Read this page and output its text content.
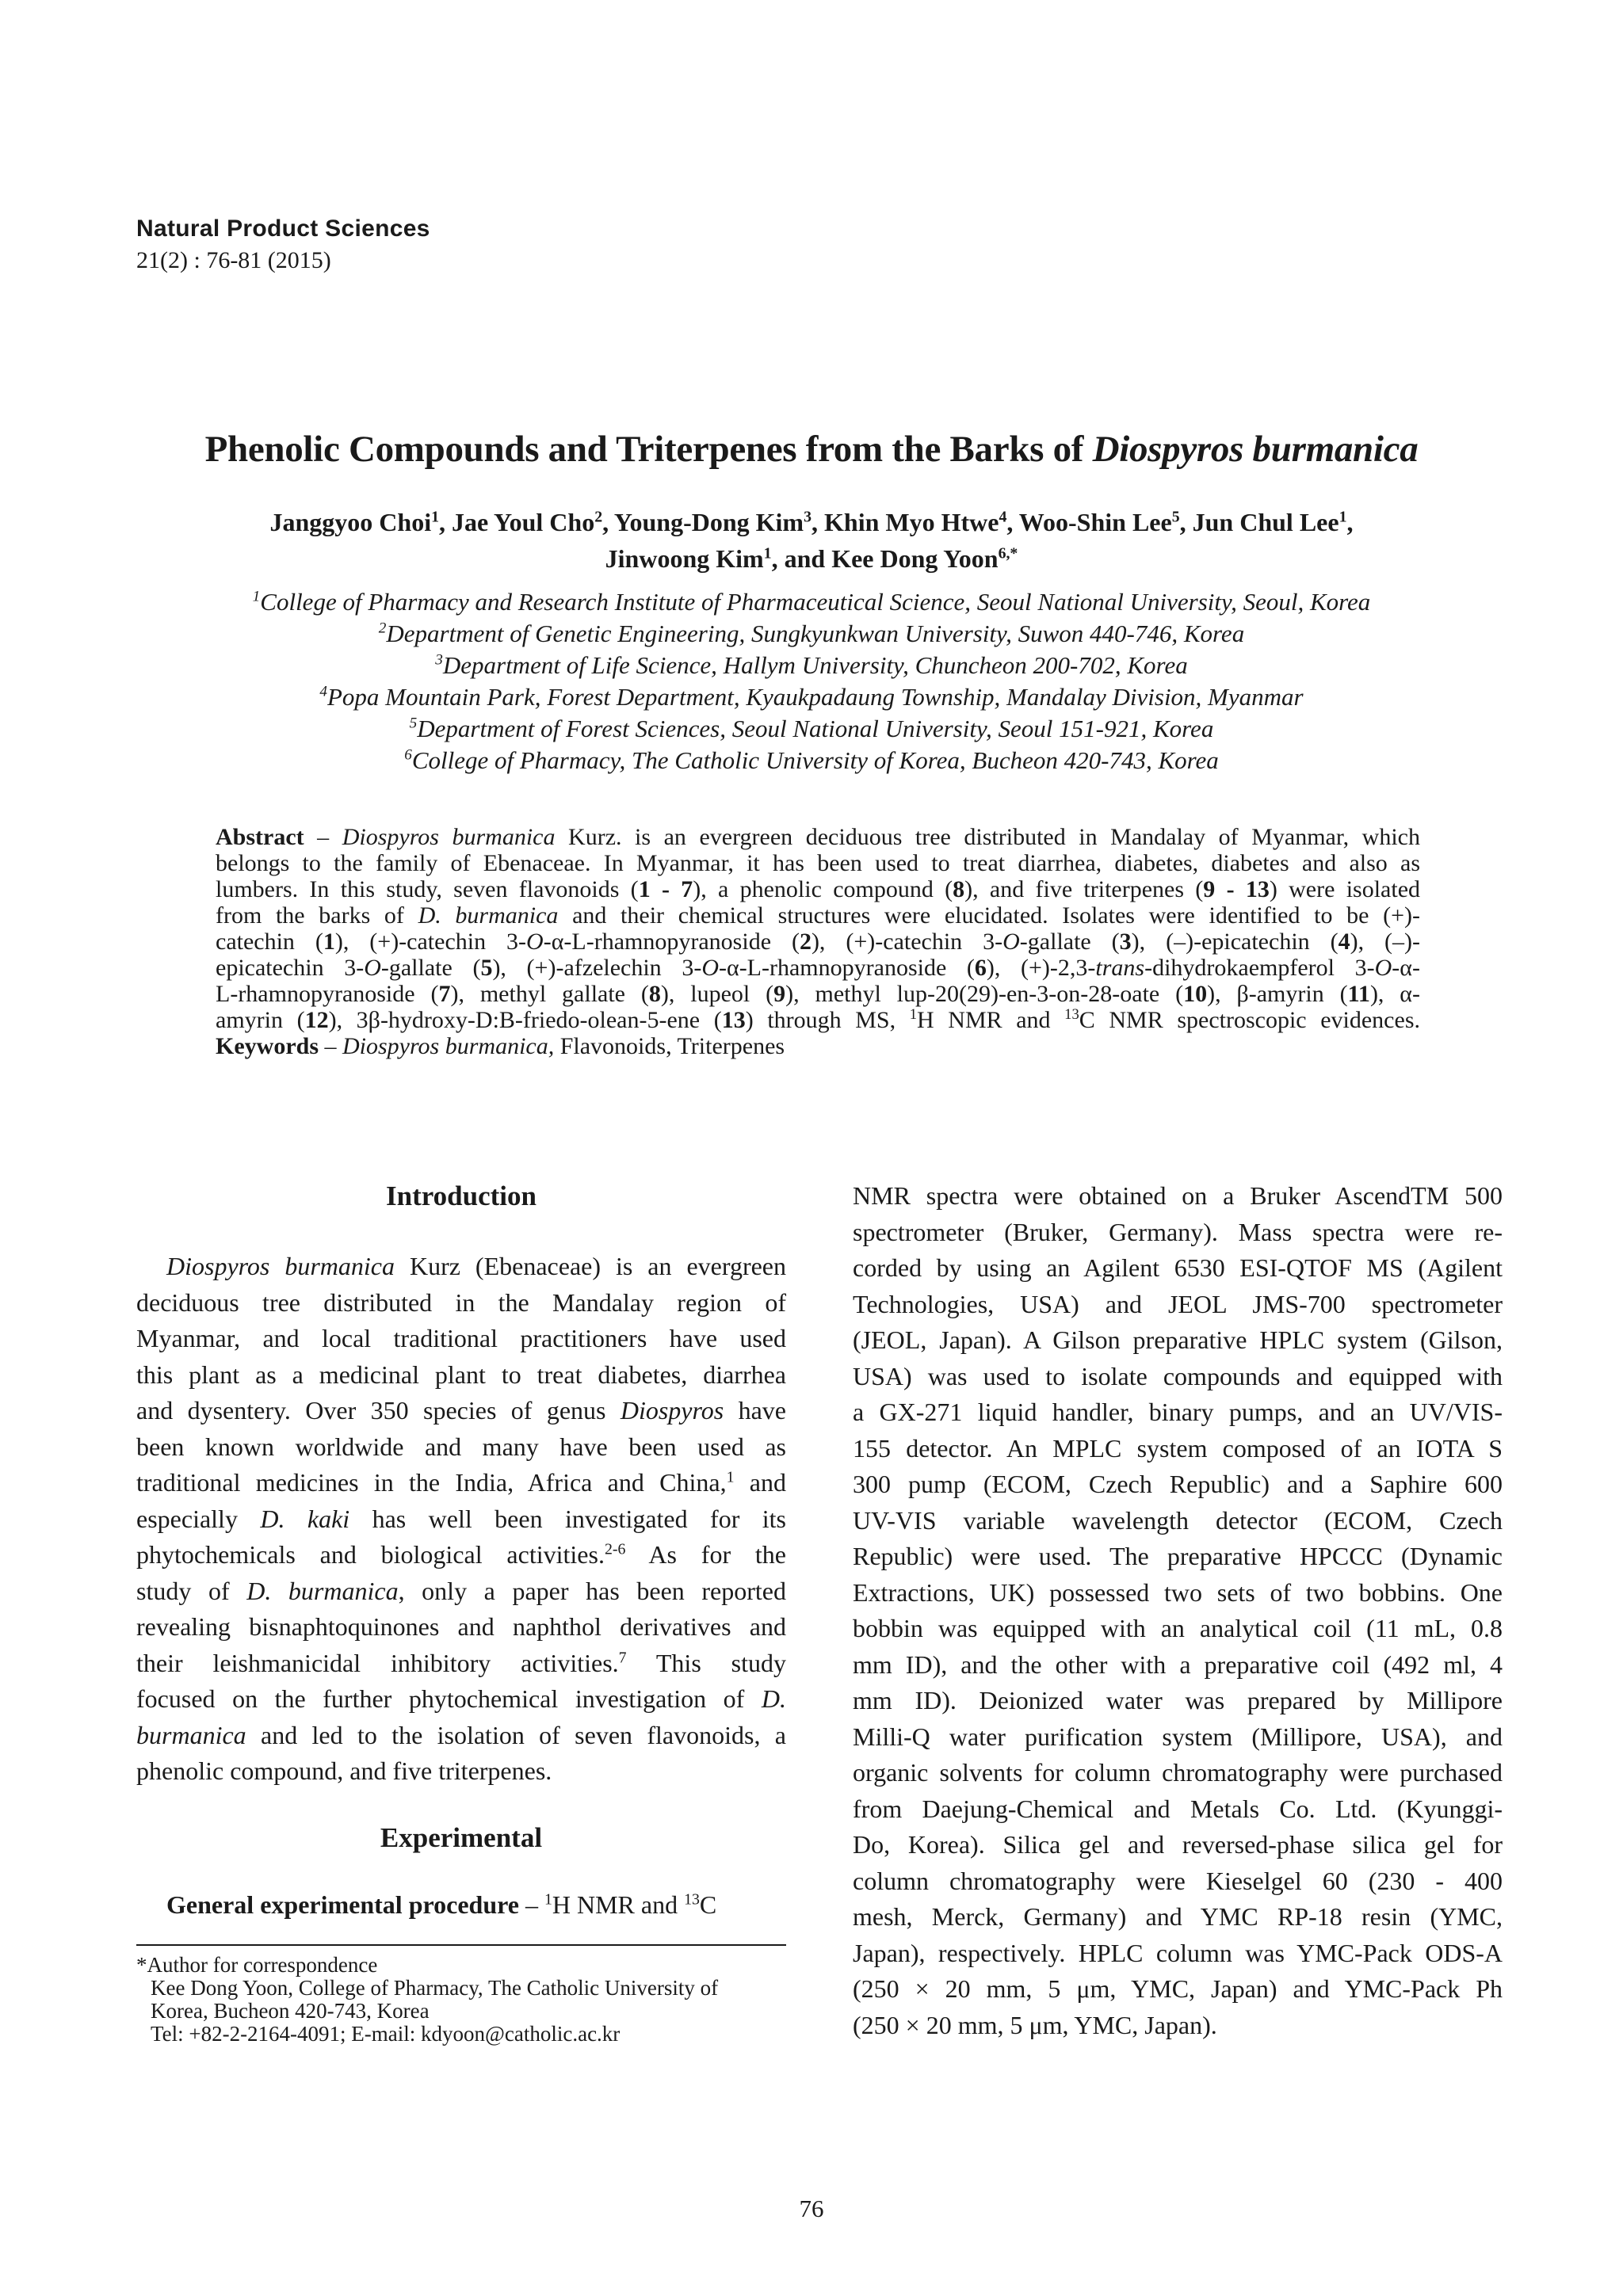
Natural Product Sciences
21(2) : 76-81 (2015)
Phenolic Compounds and Triterpenes from the Barks of Diospyros burmanica
Janggyoo Choi$^1$, Jae Youl Cho$^2$, Young-Dong Kim$^3$, Khin Myo Htwe$^4$, Woo-Shin Lee$^5$, Jun Chul Lee$^1$,
Jinwoong Kim$^1$, and Kee Dong Yoon$^{6,*}$
$^1$College of Pharmacy and Research Institute of Pharmaceutical Science, Seoul National University, Seoul, Korea
$^2$Department of Genetic Engineering, Sungkyunkwan University, Suwon 440-746, Korea
$^3$Department of Life Science, Hallym University, Chuncheon 200-702, Korea
$^4$Popa Mountain Park, Forest Department, Kyaukpadaung Township, Mandalay Division, Myanmar
$^5$Department of Forest Sciences, Seoul National University, Seoul 151-921, Korea
$^6$College of Pharmacy, The Catholic University of Korea, Bucheon 420-743, Korea
Abstract – Diospyros burmanica Kurz. is an evergreen deciduous tree distributed in Mandalay of Myanmar, which
belongs to the family of Ebenaceae. In Myanmar, it has been used to treat diarrhea, diabetes, diabetes and also as
lumbers. In this study, seven flavonoids (1 - 7), a phenolic compound (8), and five triterpenes (9 - 13) were isolated
from the barks of D. burmanica and their chemical structures were elucidated. Isolates were identified to be (+)-
catechin (1), (+)-catechin 3-O-α-L-rhamnopyranoside (2), (+)-catechin 3-O-gallate (3), (–)-epicatechin (4), (–)-
epicatechin 3-O-gallate (5), (+)-afzelechin 3-O-α-L-rhamnopyranoside (6), (+)-2,3-trans-dihydrokaempferol 3-O-α-
L-rhamnopyranoside (7), methyl gallate (8), lupeol (9), methyl lup-20(29)-en-3-on-28-oate (10), β-amyrin (11), α-
amyrin (12), 3β-hydroxy-D:B-friedo-olean-5-ene (13) through MS, $^1$H NMR and $^{13}$C NMR spectroscopic evidences.
Keywords – Diospyros burmanica, Flavonoids, Triterpenes
Introduction
Diospyros burmanica Kurz (Ebenaceae) is an evergreen
deciduous tree distributed in the Mandalay region of
Myanmar, and local traditional practitioners have used
this plant as a medicinal plant to treat diabetes, diarrhea
and dysentery. Over 350 species of genus Diospyros have
been known worldwide and many have been used as
traditional medicines in the India, Africa and China,$^1$ and
especially D. kaki has well been investigated for its
phytochemicals and biological activities.$^{2-6}$ As for the
study of D. burmanica, only a paper has been reported
revealing bisnaphtoquinones and naphthol derivatives and
their leishmanicidal inhibitory activities.$^7$ This study
focused on the further phytochemical investigation of D.
burmanica and led to the isolation of seven flavonoids, a
phenolic compound, and five triterpenes.
Experimental
General experimental procedure – $^1$H NMR and $^{13}$C
NMR spectra were obtained on a Bruker AscendTM 500
spectrometer (Bruker, Germany). Mass spectra were re-
corded by using an Agilent 6530 ESI-QTOF MS (Agilent
Technologies, USA) and JEOL JMS-700 spectrometer
(JEOL, Japan). A Gilson preparative HPLC system (Gilson,
USA) was used to isolate compounds and equipped with
a GX-271 liquid handler, binary pumps, and an UV/VIS-
155 detector. An MPLC system composed of an IOTA S
300 pump (ECOM, Czech Republic) and a Saphire 600
UV-VIS variable wavelength detector (ECOM, Czech
Republic) were used. The preparative HPCCC (Dynamic
Extractions, UK) possessed two sets of two bobbins. One
bobbin was equipped with an analytical coil (11 mL, 0.8
mm ID), and the other with a preparative coil (492 ml, 4
mm ID). Deionized water was prepared by Millipore
Milli-Q water purification system (Millipore, USA), and
organic solvents for column chromatography were purchased
from Daejung-Chemical and Metals Co. Ltd. (Kyunggi-
Do, Korea). Silica gel and reversed-phase silica gel for
column chromatography were Kieselgel 60 (230 - 400
mesh, Merck, Germany) and YMC RP-18 resin (YMC,
Japan), respectively. HPLC column was YMC-Pack ODS-A
(250 × 20 mm, 5 μm, YMC, Japan) and YMC-Pack Ph
(250 × 20 mm, 5 μm, YMC, Japan).
*Author for correspondence
Kee Dong Yoon, College of Pharmacy, The Catholic University of
Korea, Bucheon 420-743, Korea
Tel: +82-2-2164-4091; E-mail: kdyoon@catholic.ac.kr
76
